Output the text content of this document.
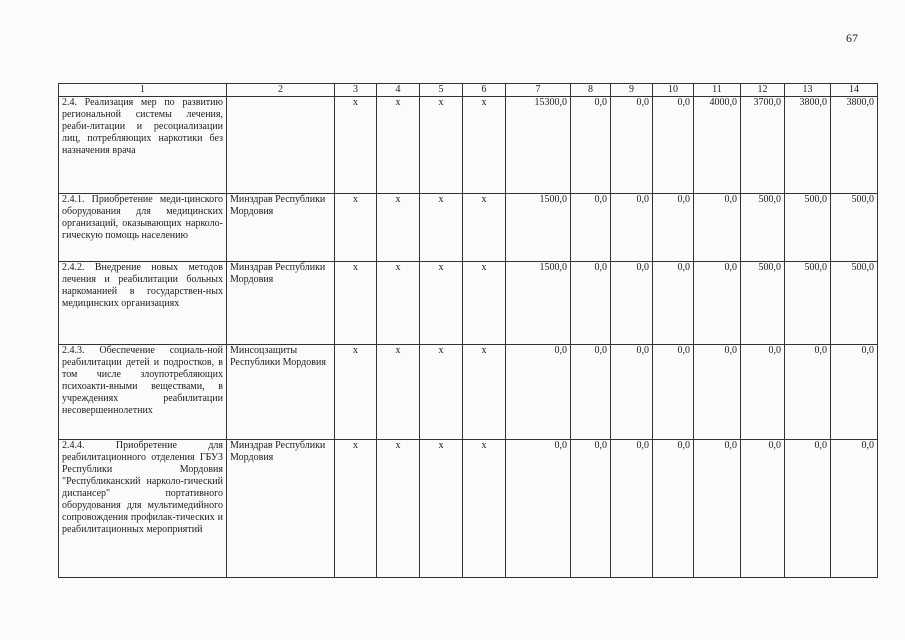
67
1	2	3	4	5	6	7	8	9	10	11	12	13	14
2.4. Реализация мер по развитию региональной системы лечения, реаби-литации и ресоциализации лиц, потребляющих наркотики без назначения врача		х	х	х	х	15300,0	0,0	0,0	0,0	4000,0	3700,0	3800,0	3800,0
2.4.1. Приобретение меди-цинского оборудования для медицинских организаций, оказывающих нарколо-гическую помощь населению	Минздрав Республики Мордовия	х	х	х	х	1500,0	0,0	0,0	0,0	0,0	500,0	500,0	500,0
2.4.2. Внедрение новых методов лечения и реабилитации больных наркоманией в государствен-ных медицинских организациях	Минздрав Республики Мордовия	х	х	х	х	1500,0	0,0	0,0	0,0	0,0	500,0	500,0	500,0
2.4.3. Обеспечение социаль-ной реабилитации детей и подростков, в том числе злоупотребляющих психоакти-вными веществами, в учреждениях реабилитации несовершеннолетних	Минсоцзащиты Республики Мордовия	х	х	х	х	0,0	0,0	0,0	0,0	0,0	0,0	0,0	0,0
2.4.4. Приобретение для реабилитационного отделения ГБУЗ Республики Мордовия "Республиканский нарколо-гический диспансер" портативного оборудования для мультимедийного сопровождения профилак-тических и реабилитационных мероприятий	Минздрав Республики Мордовия	х	х	х	х	0,0	0,0	0,0	0,0	0,0	0,0	0,0	0,0
